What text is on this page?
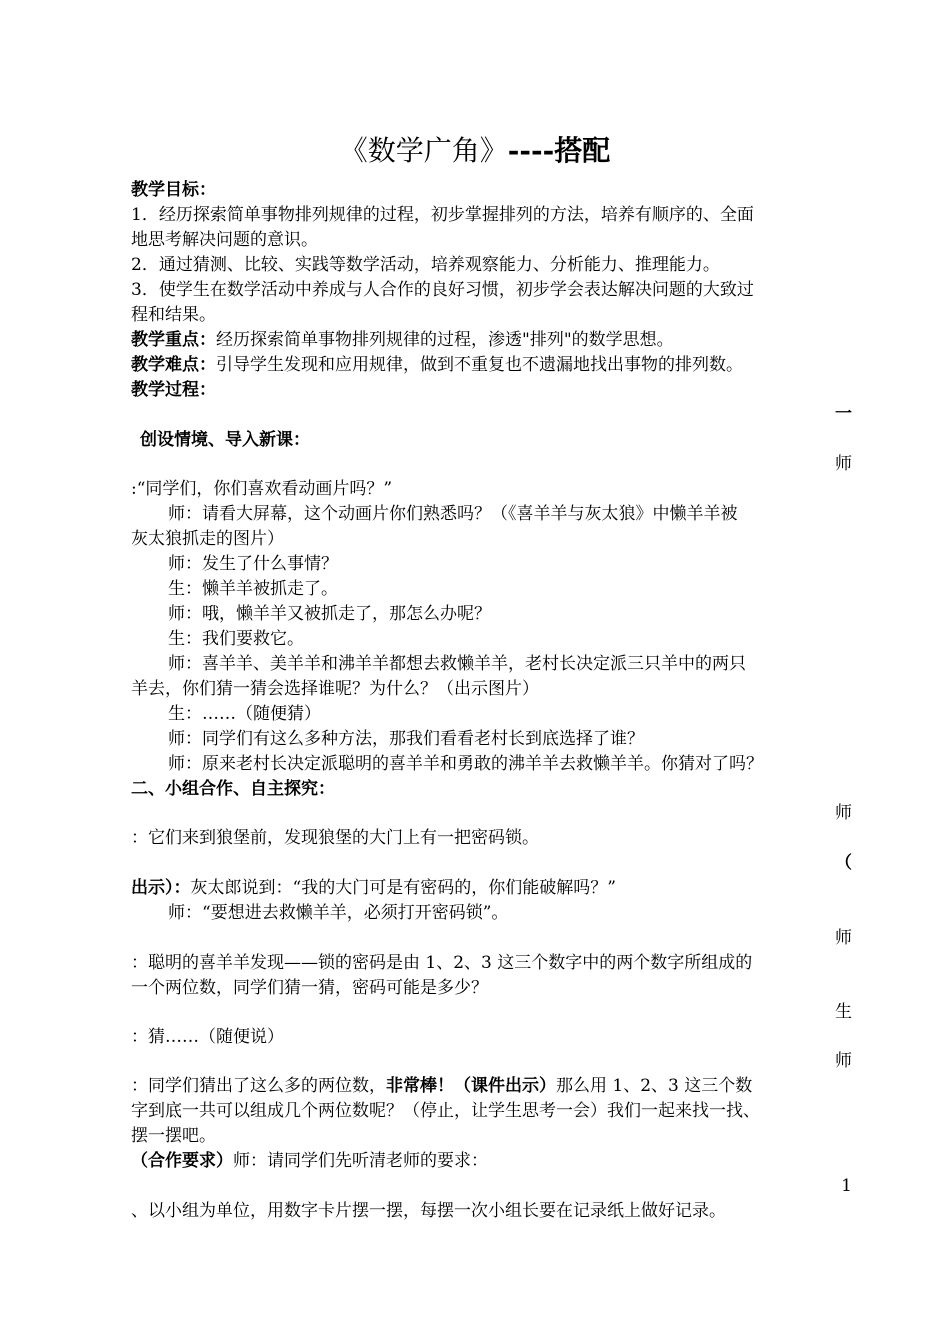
《数学广角》----搭配
教学目标：
1．经历探索简单事物排列规律的过程，初步掌握排列的方法，培养有顺序的、全面
地思考解决问题的意识。
2．通过猜测、比较、实践等数学活动，培养观察能力、分析能力、推理能力。
3．使学生在数学活动中养成与人合作的良好习惯，初步学会表达解决问题的大致过
程和结果。
教学重点：经历探索简单事物排列规律的过程，渗透"排列"的数学思想。
教学难点：引导学生发现和应用规律，做到不重复也不遗漏地找出事物的排列数。
教学过程：
一
创设情境、导入新课：
师
:“同学们，你们喜欢看动画片吗？”
师：请看大屏幕，这个动画片你们熟悉吗？（《喜羊羊与灰太狼》中懒羊羊被
灰太狼抓走的图片）
师：发生了什么事情？
生：懒羊羊被抓走了。
师：哦，懒羊羊又被抓走了，那怎么办呢？
生：我们要救它。
师：喜羊羊、美羊羊和沸羊羊都想去救懒羊羊，老村长决定派三只羊中的两只
羊去，你们猜一猜会选择谁呢？为什么？（出示图片）
生：……（随便猜）
师：同学们有这么多种方法，那我们看看老村长到底选择了谁？
师：原来老村长决定派聪明的喜羊羊和勇敢的沸羊羊去救懒羊羊。你猜对了吗？
二、小组合作、自主探究：
师
：它们来到狼堡前，发现狼堡的大门上有一把密码锁。
（
出示）：灰太郎说到：“我的大门可是有密码的，你们能破解吗？”
师：“要想进去救懒羊羊，必须打开密码锁”。
师
：聪明的喜羊羊发现——锁的密码是由 1、2、3 这三个数字中的两个数字所组成的
一个两位数，同学们猜一猜，密码可能是多少？
生
：猜……（随便说）
师
：同学们猜出了这么多的两位数，非常棒！（课件出示）那么用 1、2、3 这三个数
字到底一共可以组成几个两位数呢？（停止，让学生思考一会）我们一起来找一找、
摆一摆吧。
（合作要求）师：请同学们先听清老师的要求：
1
、以小组为单位，用数字卡片摆一摆，每摆一次小组长要在记录纸上做好记录。
